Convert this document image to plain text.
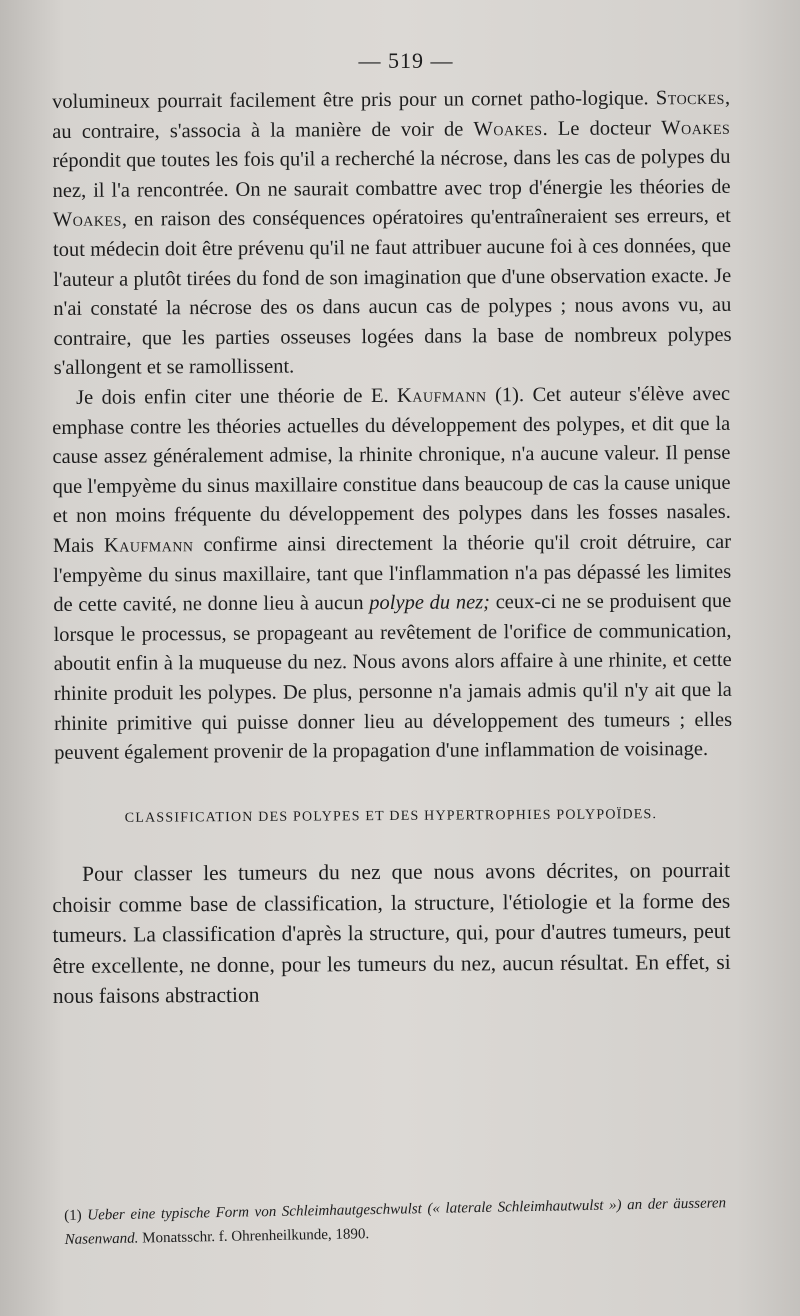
— 519 —

volumineux pourrait facilement être pris pour un cornet patho-logique. Stockes, au contraire, s'associa à la manière de voir de Woakes. Le docteur Woakes répondit que toutes les fois qu'il a recherché la nécrose, dans les cas de polypes du nez, il l'a rencontrée. On ne saurait combattre avec trop d'énergie les théories de Woakes, en raison des conséquences opératoires qu'entraîneraient ses erreurs, et tout médecin doit être prévenu qu'il ne faut attribuer aucune foi à ces données, que l'auteur a plutôt tirées du fond de son imagination que d'une observation exacte. Je n'ai constaté la nécrose des os dans aucun cas de polypes ; nous avons vu, au contraire, que les parties osseuses logées dans la base de nombreux polypes s'allongent et se ramollissent.

Je dois enfin citer une théorie de E. Kaufmann (1). Cet auteur s'élève avec emphase contre les théories actuelles du développement des polypes, et dit que la cause assez généralement admise, la rhinite chronique, n'a aucune valeur. Il pense que l'empyème du sinus maxillaire constitue dans beaucoup de cas la cause unique et non moins fréquente du développement des polypes dans les fosses nasales. Mais Kaufmann confirme ainsi directement la théorie qu'il croit détruire, car l'empyème du sinus maxillaire, tant que l'inflammation n'a pas dépassé les limites de cette cavité, ne donne lieu à aucun polype du nez; ceux-ci ne se produisent que lorsque le processus, se propageant au revêtement de l'orifice de communication, aboutit enfin à la muqueuse du nez. Nous avons alors affaire à une rhinite, et cette rhinite produit les polypes. De plus, personne n'a jamais admis qu'il n'y ait que la rhinite primitive qui puisse donner lieu au développement des tumeurs ; elles peuvent également provenir de la propagation d'une inflammation de voisinage.

CLASSIFICATION DES POLYPES ET DES HYPERTROPHIES POLYPOÏDES.

Pour classer les tumeurs du nez que nous avons décrites, on pourrait choisir comme base de classification, la structure, l'étiologie et la forme des tumeurs. La classification d'après la structure, qui, pour d'autres tumeurs, peut être excellente, ne donne, pour les tumeurs du nez, aucun résultat. En effet, si nous faisons abstraction

(1) Ueber eine typische Form von Schleimhautgeschwulst (« laterale Schleimhautwulst ») an der äusseren Nasenwand. Monatsschr. f. Ohrenheilkunde, 1890.
